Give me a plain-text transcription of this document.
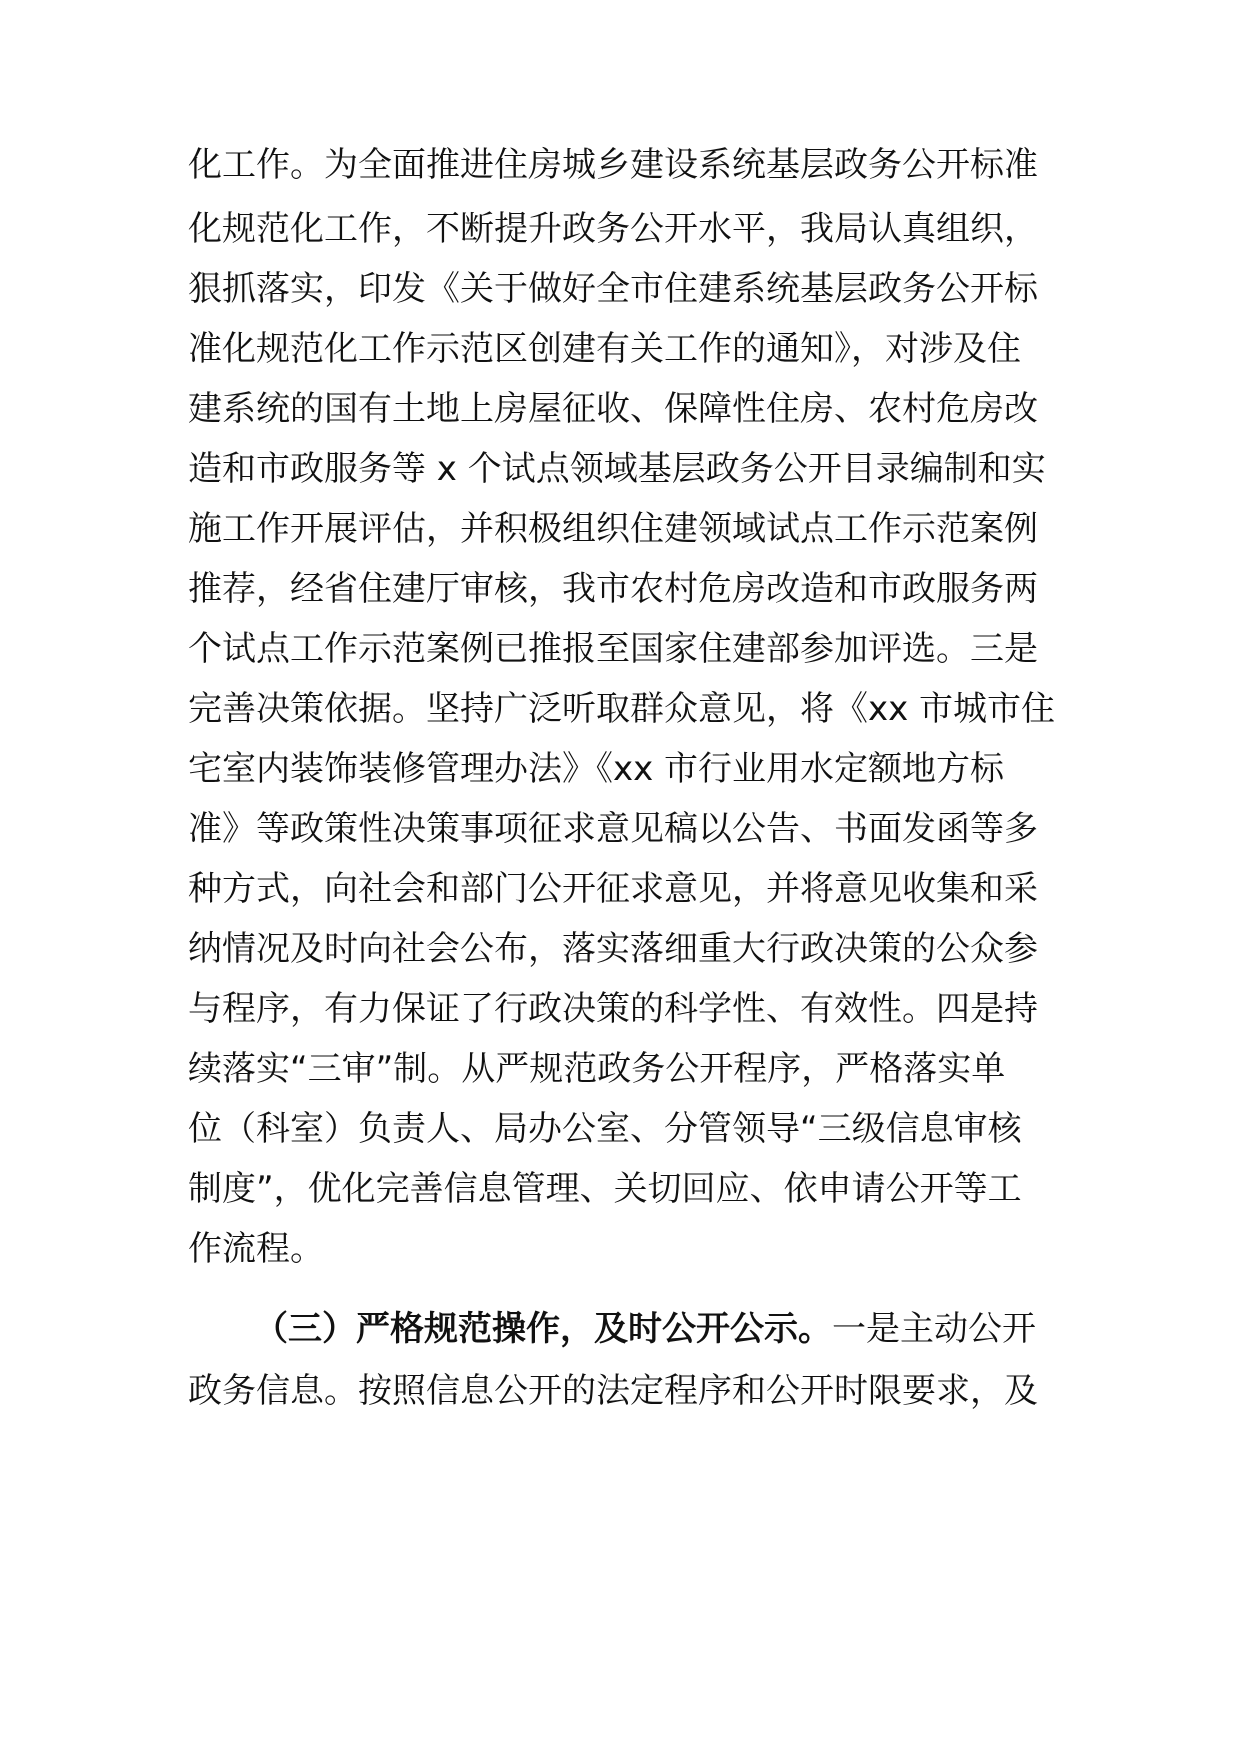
化工作。为全面推进住房城乡建设系统基层政务公开标准
化规范化工作，不断提升政务公开水平，我局认真组织，
狠抓落实，印发《关于做好全市住建系统基层政务公开标
准化规范化工作示范区创建有关工作的通知》，对涉及住
建系统的国有土地上房屋征收、保障性住房、农村危房改
造和市政服务等 x 个试点领域基层政务公开目录编制和实
施工作开展评估，并积极组织住建领域试点工作示范案例
推荐，经省住建厅审核，我市农村危房改造和市政服务两
个试点工作示范案例已推报至国家住建部参加评选。三是
完善决策依据。坚持广泛听取群众意见，将《xx 市城市住
宅室内装饰装修管理办法》《xx 市行业用水定额地方标
准》等政策性决策事项征求意见稿以公告、书面发函等多
种方式，向社会和部门公开征求意见，并将意见收集和采
纳情况及时向社会公布，落实落细重大行政决策的公众参
与程序，有力保证了行政决策的科学性、有效性。四是持
续落实“三审”制。从严规范政务公开程序，严格落实单
位（科室）负责人、局办公室、分管领导“三级信息审核
制度”，优化完善信息管理、关切回应、依申请公开等工
作流程。
（三）严格规范操作，及时公开公示。一是主动公开
政务信息。按照信息公开的法定程序和公开时限要求，及
